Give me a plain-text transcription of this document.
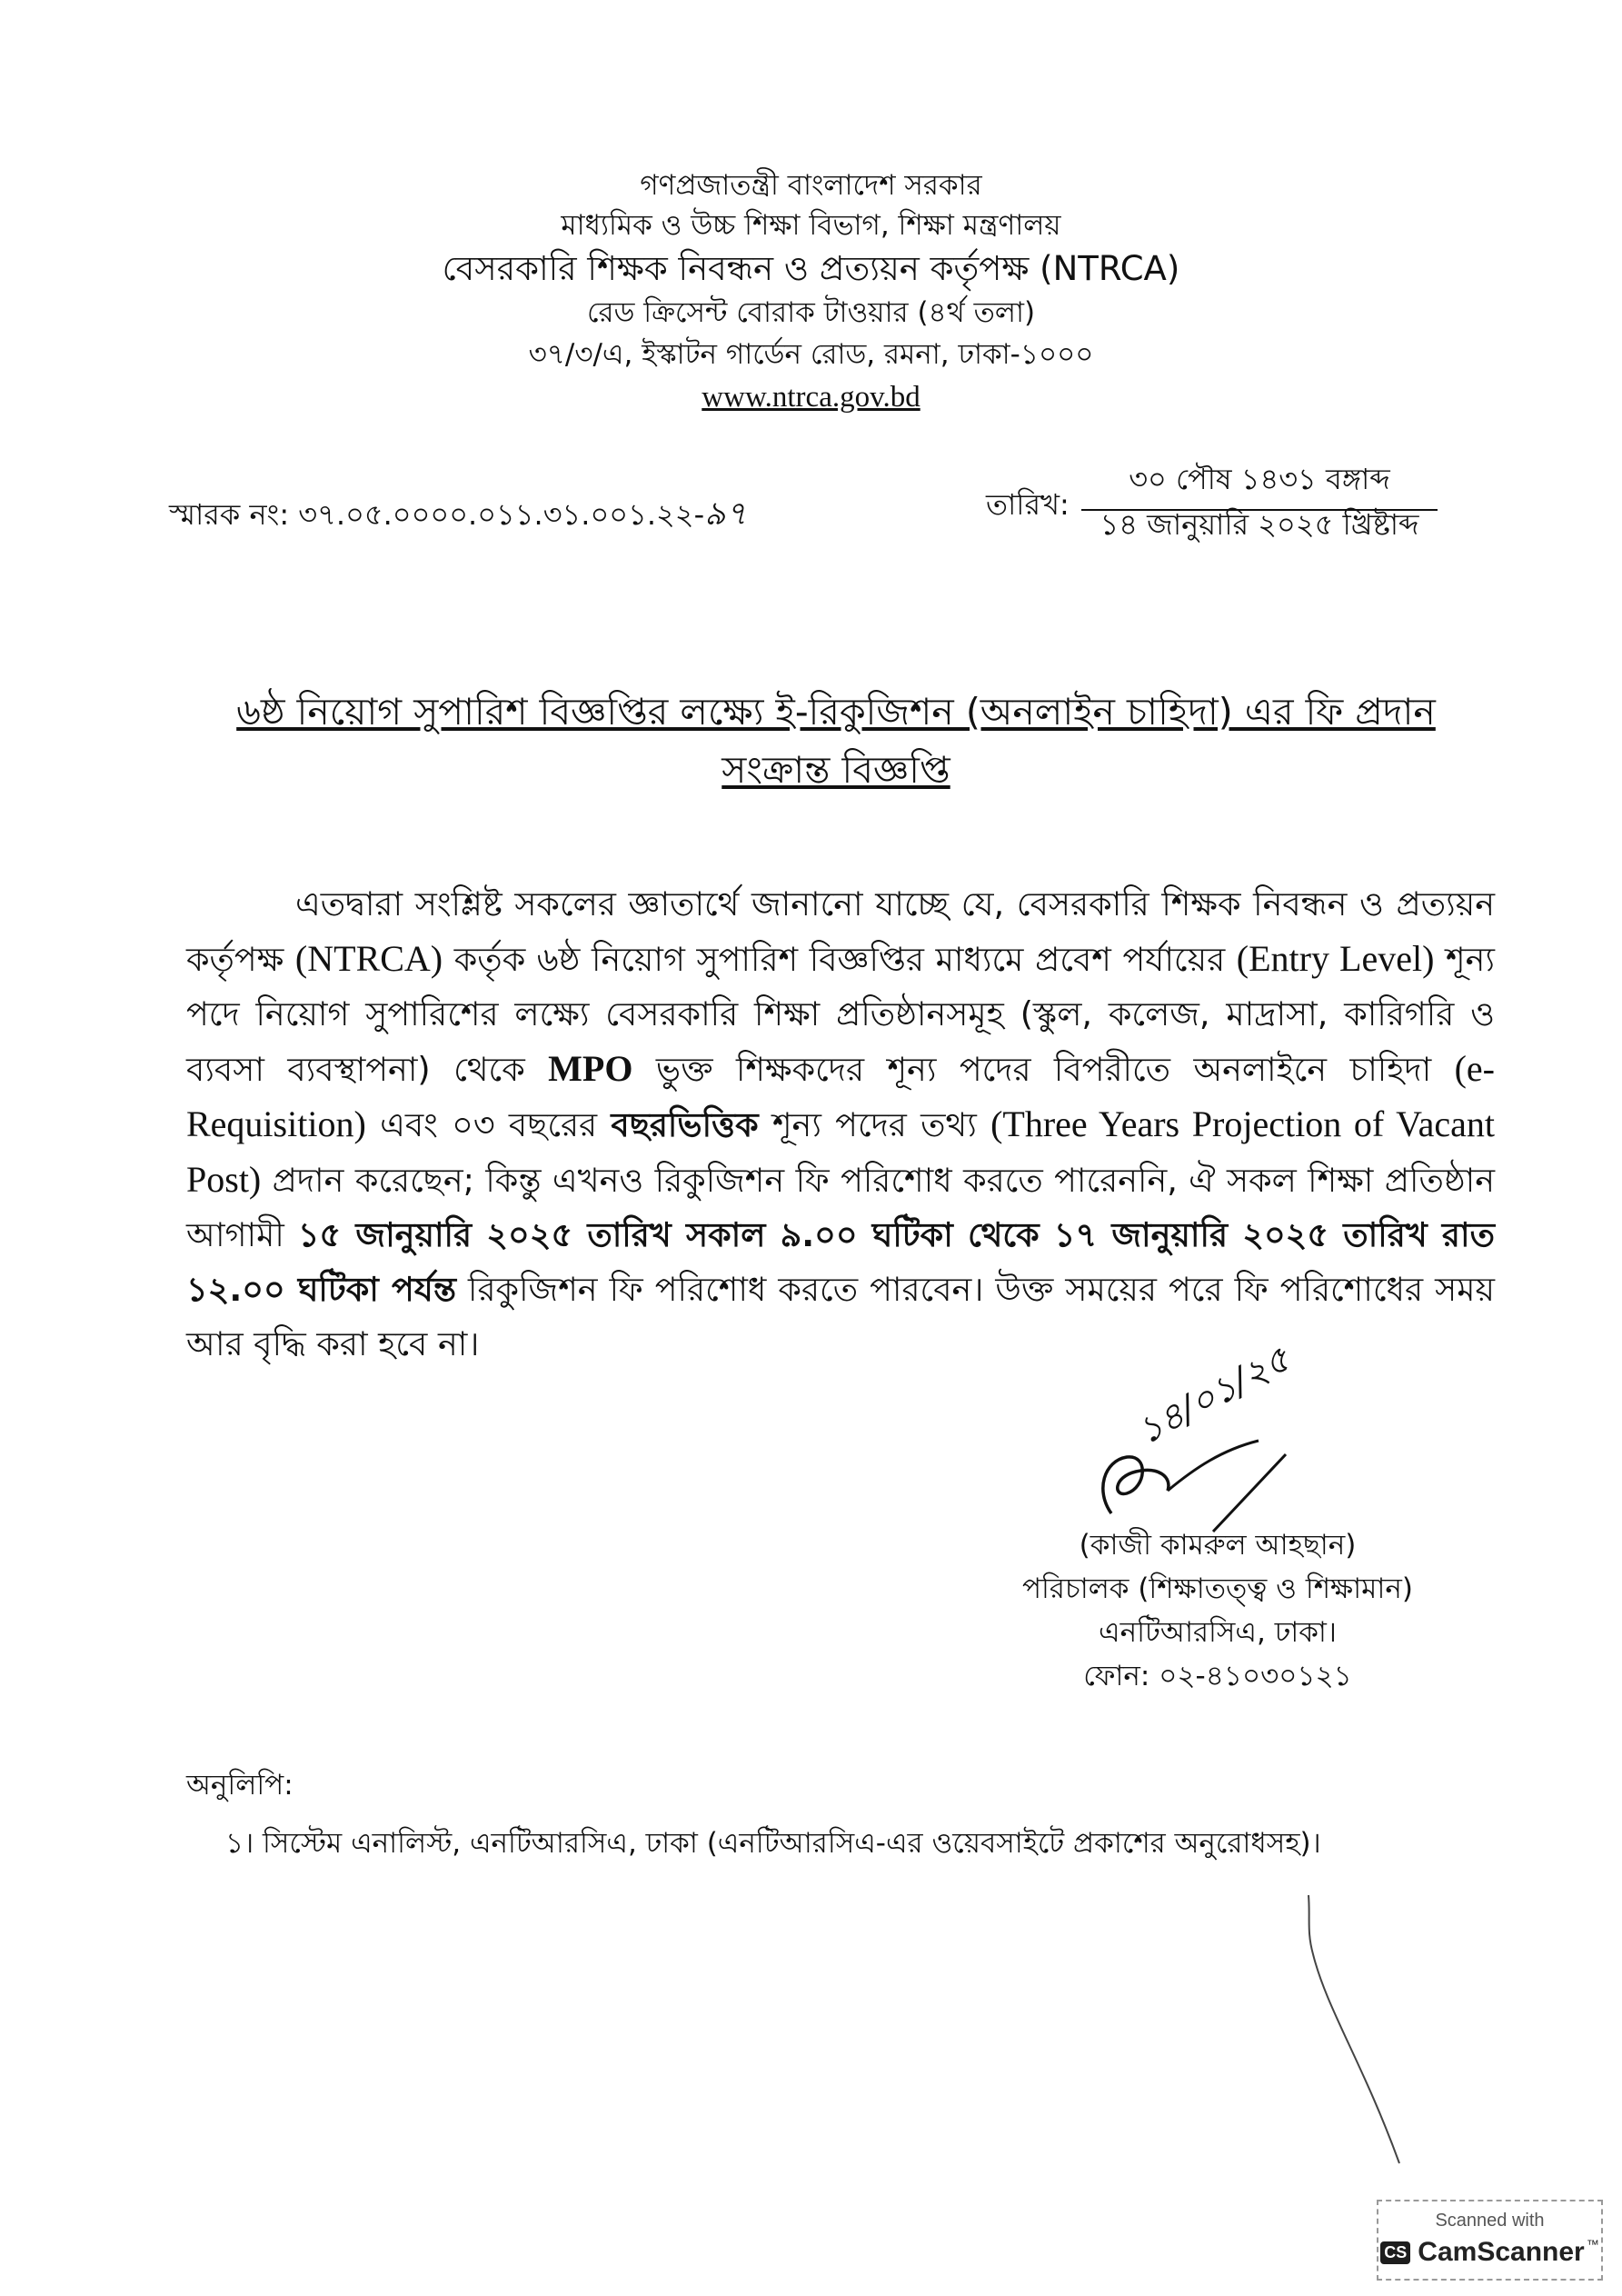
গণপ্রজাতন্ত্রী বাংলাদেশ সরকার
মাধ্যমিক ও উচ্চ শিক্ষা বিভাগ, শিক্ষা মন্ত্রণালয়
বেসরকারি শিক্ষক নিবন্ধন ও প্রত্যয়ন কর্তৃপক্ষ (NTRCA)
রেড ক্রিসেন্ট বোরাক টাওয়ার (৪র্থ তলা)
৩৭/৩/এ, ইস্কাটন গার্ডেন রোড, রমনা, ঢাকা-১০০০
www.ntrca.gov.bd
স্মারক নং: ৩৭.০৫.০০০০.০১১.৩১.০০১.২২-৯৭	তারিখ:
৩০ পৌষ ১৪৩১ বঙ্গাব্দ
১৪ জানুয়ারি ২০২৫ খ্রিষ্টাব্দ
৬ষ্ঠ নিয়োগ সুপারিশ বিজ্ঞপ্তির লক্ষ্যে ই-রিকুজিশন (অনলাইন চাহিদা) এর ফি প্রদান
সংক্রান্ত বিজ্ঞপ্তি
এতদ্বারা সংশ্লিষ্ট সকলের জ্ঞাতার্থে জানানো যাচ্ছে যে, বেসরকারি শিক্ষক নিবন্ধন ও প্রত্যয়ন কর্তৃপক্ষ (NTRCA) কর্তৃক ৬ষ্ঠ নিয়োগ সুপারিশ বিজ্ঞপ্তির মাধ্যমে প্রবেশ পর্যায়ের (Entry Level) শূন্য পদে নিয়োগ সুপারিশের লক্ষ্যে বেসরকারি শিক্ষা প্রতিষ্ঠানসমূহ (স্কুল, কলেজ, মাদ্রাসা, কারিগরি ও ব্যবসা ব্যবস্থাপনা) থেকে MPO ভুক্ত শিক্ষকদের শূন্য পদের বিপরীতে অনলাইনে চাহিদা (e-Requisition) এবং ০৩ বছরের বছরভিত্তিক শূন্য পদের তথ্য (Three Years Projection of Vacant Post) প্রদান করেছেন; কিন্তু এখনও রিকুজিশন ফি পরিশোধ করতে পারেননি, ঐ সকল শিক্ষা প্রতিষ্ঠান আগামী ১৫ জানুয়ারি ২০২৫ তারিখ সকাল ৯.০০ ঘটিকা থেকে ১৭ জানুয়ারি ২০২৫ তারিখ রাত ১২.০০ ঘটিকা পর্যন্ত রিকুজিশন ফি পরিশোধ করতে পারবেন। উক্ত সময়ের পরে ফি পরিশোধের সময় আর বৃদ্ধি করা হবে না।	১৪/০১/২৫
(কাজী কামরুল আহছান)
পরিচালক (শিক্ষাতত্ত্ব ও শিক্ষামান)
এনটিআরসিএ, ঢাকা।
ফোন: ০২-৪১০৩০১২১
অনুলিপি:
১। সিস্টেম এনালিস্ট, এনটিআরসিএ, ঢাকা (এনটিআরসিএ-এর ওয়েবসাইটে প্রকাশের অনুরোধসহ)।
Scanned with
CS CamScanner ™
